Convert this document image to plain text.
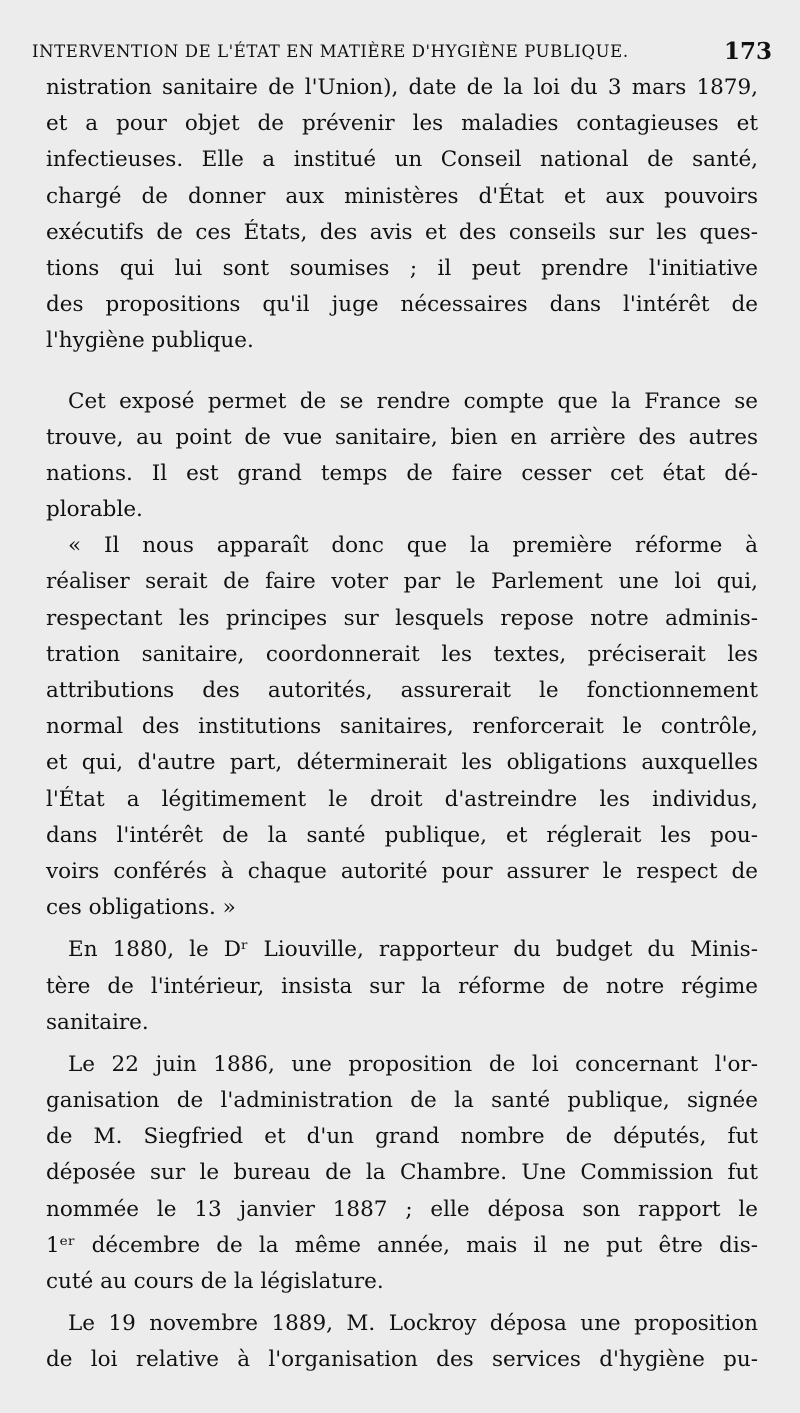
INTERVENTION DE L'ÉTAT EN MATIÈRE D'HYGIÈNE PUBLIQUE.	173
nistration sanitaire de l'Union), date de la loi du 3 mars 1879,
et a pour objet de prévenir les maladies contagieuses et
infectieuses. Elle a institué un Conseil national de santé,
chargé de donner aux ministères d'État et aux pouvoirs
exécutifs de ces États, des avis et des conseils sur les ques-
tions qui lui sont soumises ; il peut prendre l'initiative
des propositions qu'il juge nécessaires dans l'intérêt de
l'hygiène publique.
Cet exposé permet de se rendre compte que la France se
trouve, au point de vue sanitaire, bien en arrière des autres
nations. Il est grand temps de faire cesser cet état dé-
plorable.
« Il nous apparaît donc que la première réforme à
réaliser serait de faire voter par le Parlement une loi qui,
respectant les principes sur lesquels repose notre adminis-
tration sanitaire, coordonnerait les textes, préciserait les
attributions des autorités, assurerait le fonctionnement
normal des institutions sanitaires, renforcerait le contrôle,
et qui, d'autre part, déterminerait les obligations auxquelles
l'État a légitimement le droit d'astreindre les individus,
dans l'intérêt de la santé publique, et réglerait les pou-
voirs conférés à chaque autorité pour assurer le respect de
ces obligations. »
En 1880, le Dʳ Liouville, rapporteur du budget du Minis-
tère de l'intérieur, insista sur la réforme de notre régime
sanitaire.
Le 22 juin 1886, une proposition de loi concernant l'or-
ganisation de l'administration de la santé publique, signée
de M. Siegfried et d'un grand nombre de députés, fut
déposée sur le bureau de la Chambre. Une Commission fut
nommée le 13 janvier 1887 ; elle déposa son rapport le
1ᵉʳ décembre de la même année, mais il ne put être dis-
cuté au cours de la législature.
Le 19 novembre 1889, M. Lockroy déposa une proposition
de loi relative à l'organisation des services d'hygiène pu-
